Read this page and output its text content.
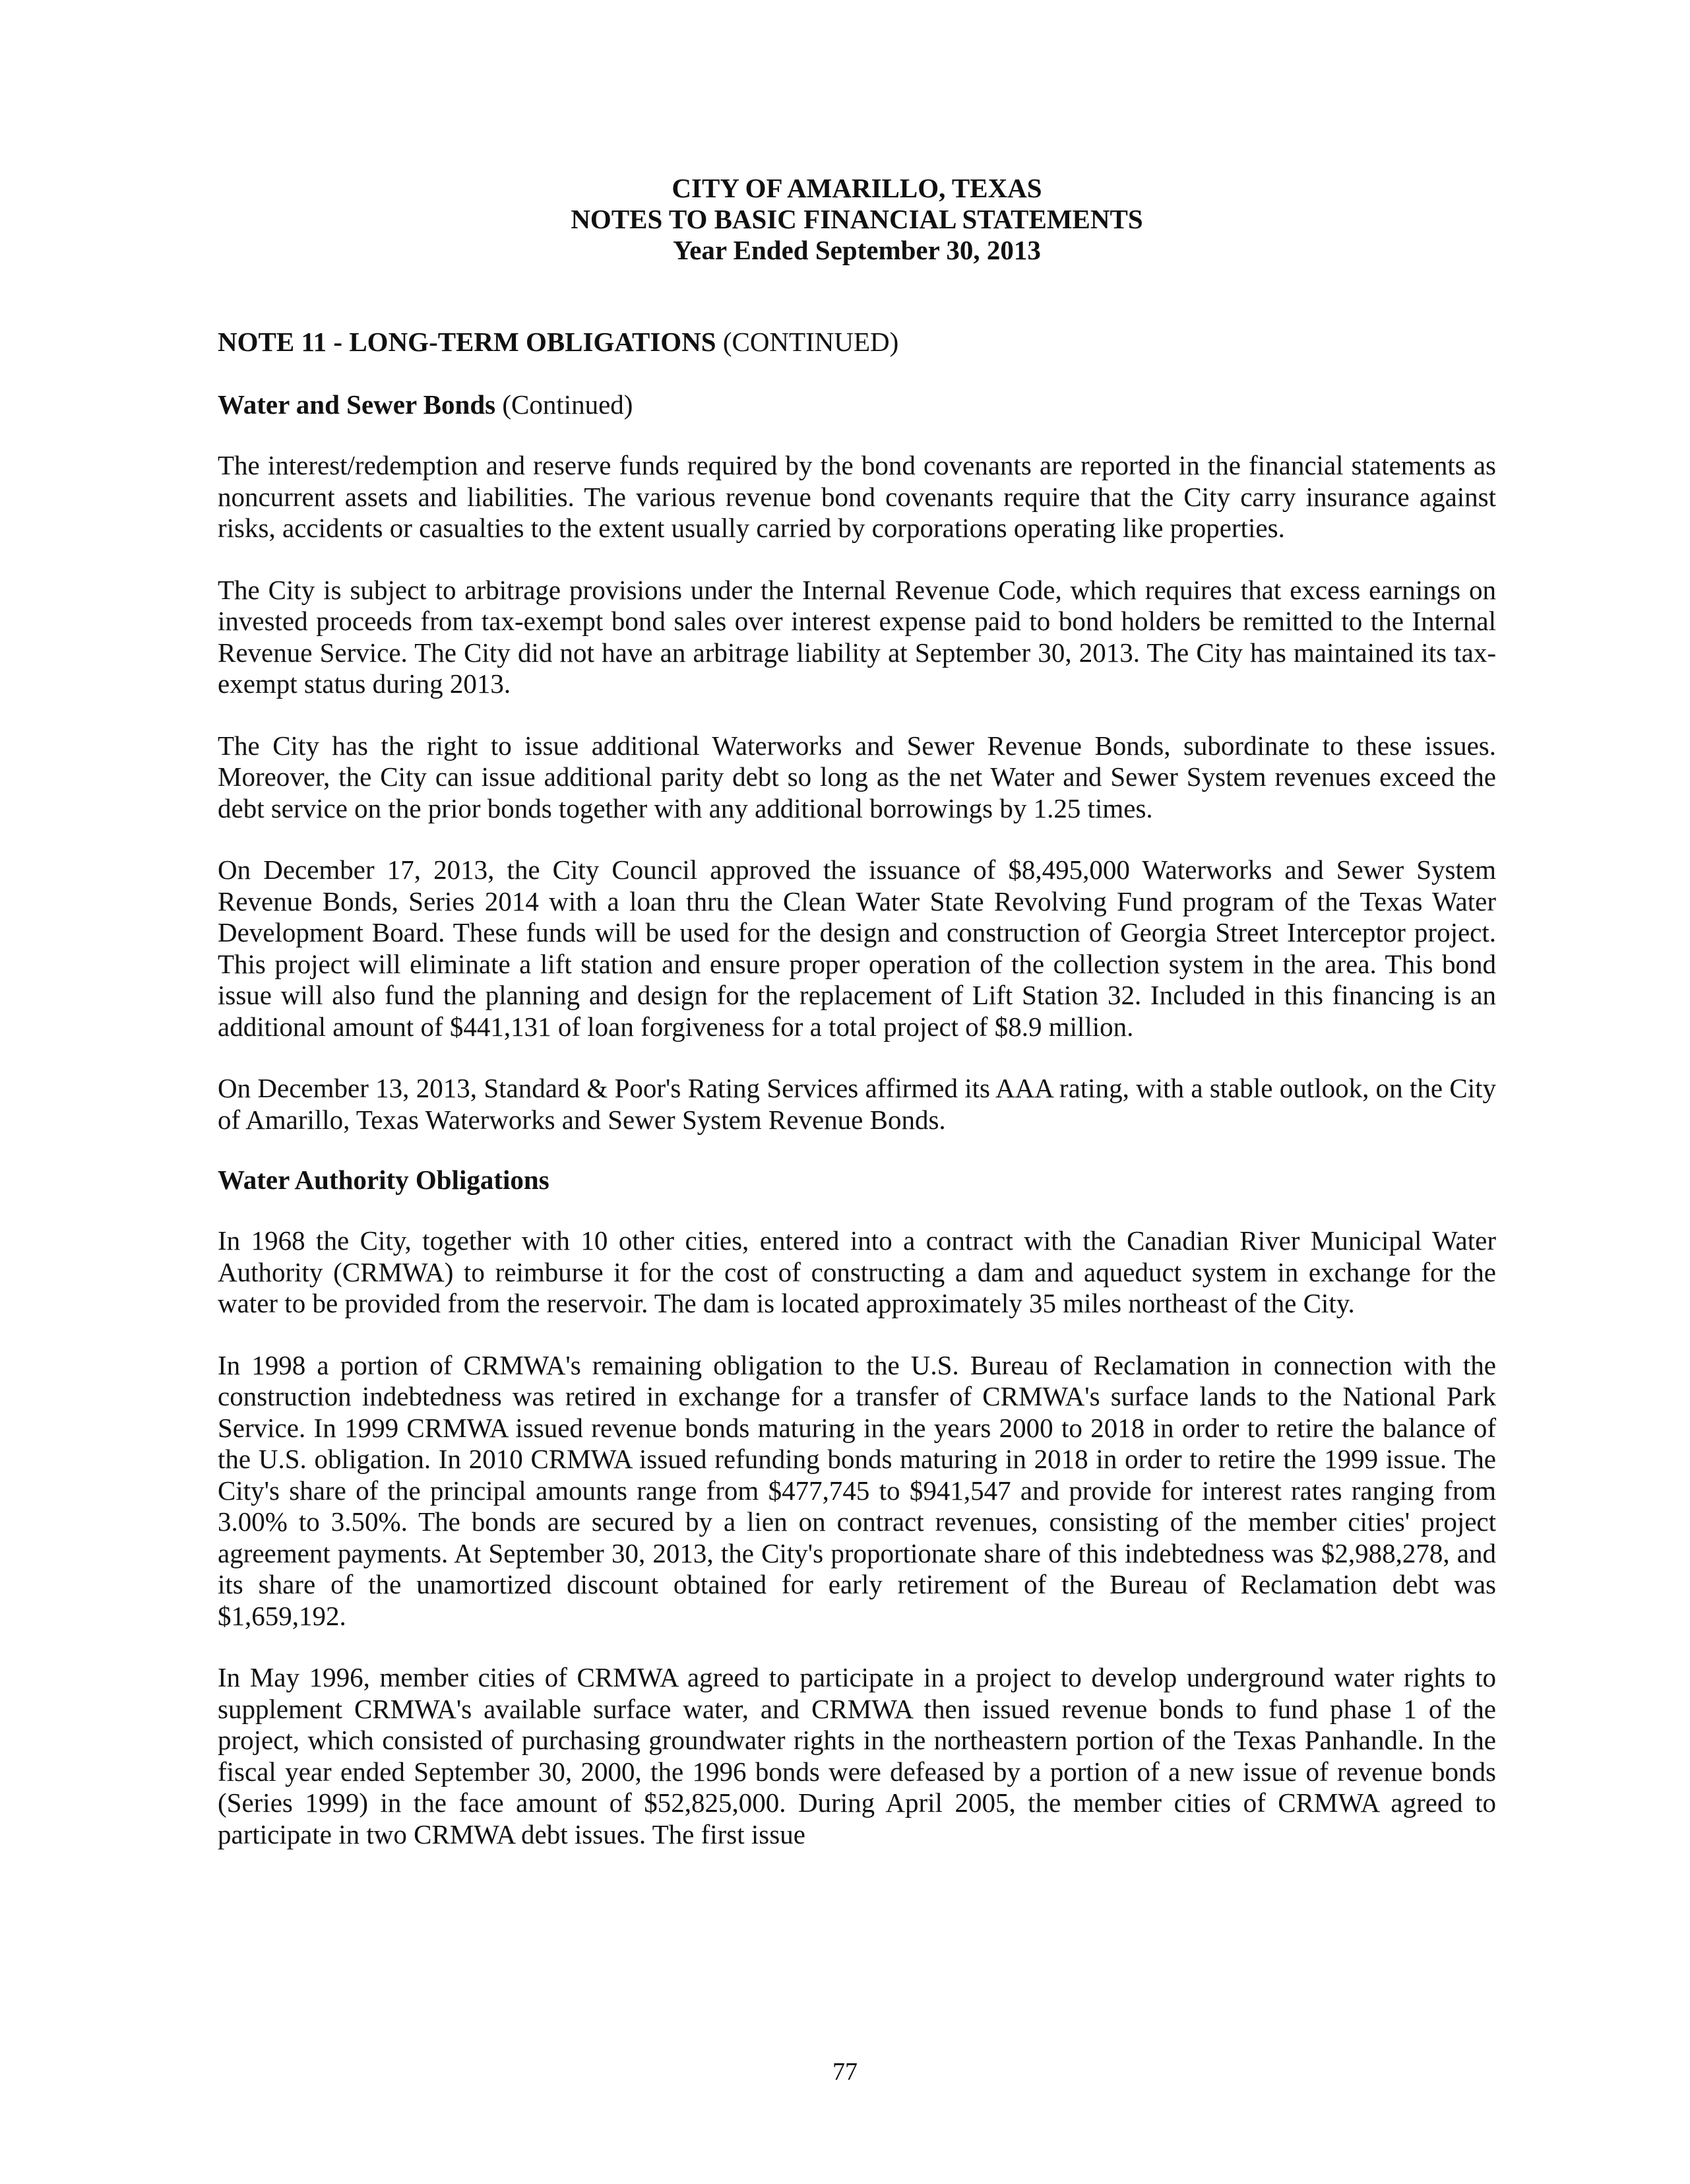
CITY OF AMARILLO, TEXAS
NOTES TO BASIC FINANCIAL STATEMENTS
Year Ended September 30, 2013
NOTE 11 - LONG-TERM OBLIGATIONS (CONTINUED)
Water and Sewer Bonds (Continued)

The interest/redemption and reserve funds required by the bond covenants are reported in the financial statements as noncurrent assets and liabilities. The various revenue bond covenants require that the City carry insurance against risks, accidents or casualties to the extent usually carried by corporations operating like properties.

The City is subject to arbitrage provisions under the Internal Revenue Code, which requires that excess earnings on invested proceeds from tax-exempt bond sales over interest expense paid to bond holders be remitted to the Internal Revenue Service. The City did not have an arbitrage liability at September 30, 2013. The City has maintained its tax-exempt status during 2013.

The City has the right to issue additional Waterworks and Sewer Revenue Bonds, subordinate to these issues. Moreover, the City can issue additional parity debt so long as the net Water and Sewer System revenues exceed the debt service on the prior bonds together with any additional borrowings by 1.25 times.

On December 17, 2013, the City Council approved the issuance of $8,495,000 Waterworks and Sewer System Revenue Bonds, Series 2014 with a loan thru the Clean Water State Revolving Fund program of the Texas Water Development Board. These funds will be used for the design and construction of Georgia Street Interceptor project. This project will eliminate a lift station and ensure proper operation of the collection system in the area. This bond issue will also fund the planning and design for the replacement of Lift Station 32. Included in this financing is an additional amount of $441,131 of loan forgiveness for a total project of $8.9 million.

On December 13, 2013, Standard & Poor's Rating Services affirmed its AAA rating, with a stable outlook, on the City of Amarillo, Texas Waterworks and Sewer System Revenue Bonds.

Water Authority Obligations

In 1968 the City, together with 10 other cities, entered into a contract with the Canadian River Municipal Water Authority (CRMWA) to reimburse it for the cost of constructing a dam and aqueduct system in exchange for the water to be provided from the reservoir. The dam is located approximately 35 miles northeast of the City.

In 1998 a portion of CRMWA's remaining obligation to the U.S. Bureau of Reclamation in connection with the construction indebtedness was retired in exchange for a transfer of CRMWA's surface lands to the National Park Service. In 1999 CRMWA issued revenue bonds maturing in the years 2000 to 2018 in order to retire the balance of the U.S. obligation. In 2010 CRMWA issued refunding bonds maturing in 2018 in order to retire the 1999 issue. The City's share of the principal amounts range from $477,745 to $941,547 and provide for interest rates ranging from 3.00% to 3.50%. The bonds are secured by a lien on contract revenues, consisting of the member cities' project agreement payments. At September 30, 2013, the City's proportionate share of this indebtedness was $2,988,278, and its share of the unamortized discount obtained for early retirement of the Bureau of Reclamation debt was $1,659,192.

In May 1996, member cities of CRMWA agreed to participate in a project to develop underground water rights to supplement CRMWA's available surface water, and CRMWA then issued revenue bonds to fund phase 1 of the project, which consisted of purchasing groundwater rights in the northeastern portion of the Texas Panhandle. In the fiscal year ended September 30, 2000, the 1996 bonds were defeased by a portion of a new issue of revenue bonds (Series 1999) in the face amount of $52,825,000. During April 2005, the member cities of CRMWA agreed to participate in two CRMWA debt issues. The first issue

77
